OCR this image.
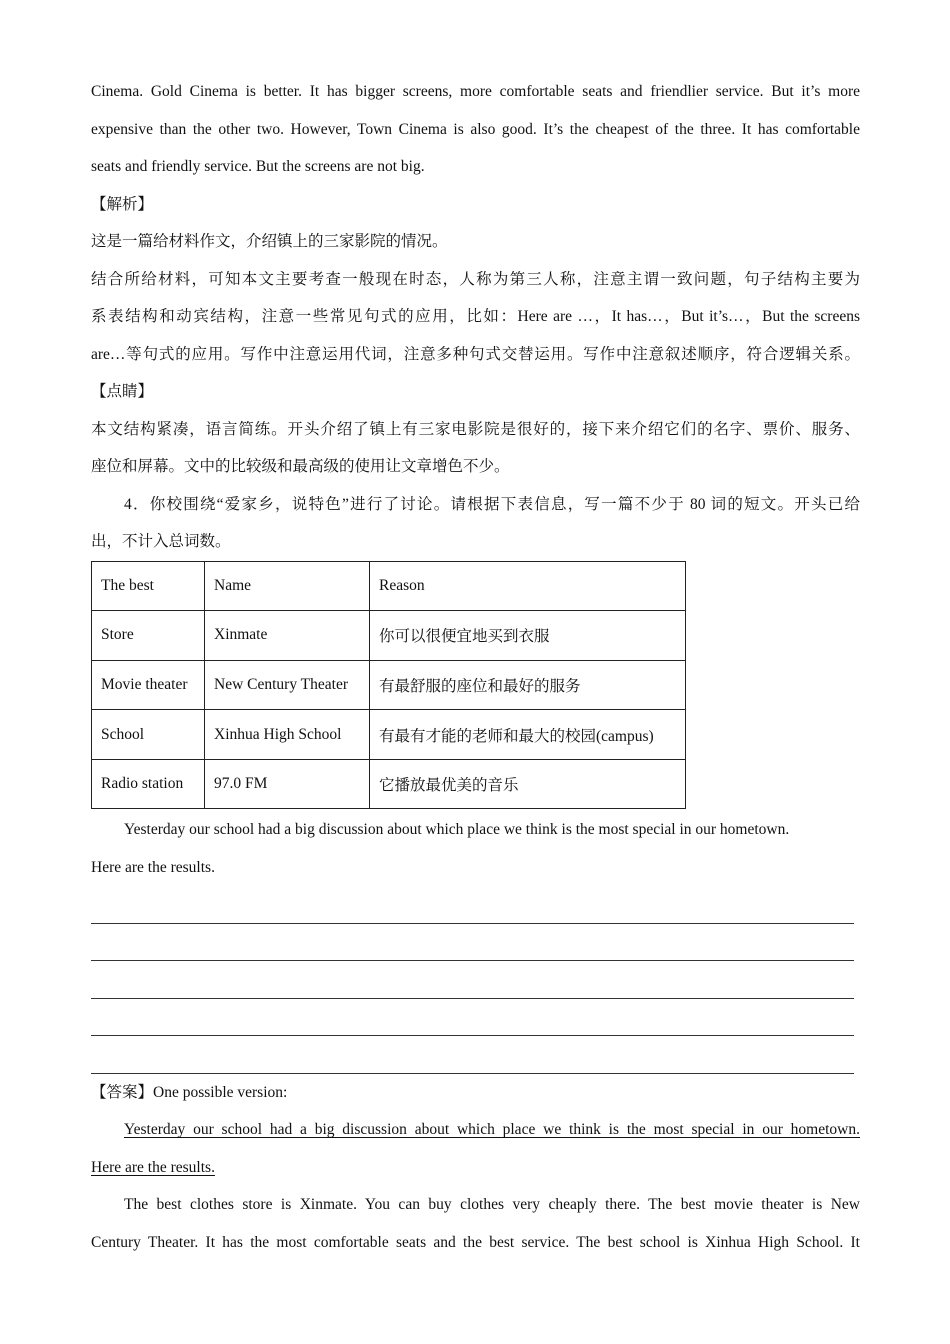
Cinema. Gold Cinema is better. It has bigger screens, more comfortable seats and friendlier service. But it’s more
expensive than the other two. However, Town Cinema is also good. It’s the cheapest of the three. It has comfortable
seats and friendly service. But the screens are not big.
【解析】
这是一篇给材料作文，介绍镇上的三家影院的情况。
结合所给材料，可知本文主要考查一般现在时态，人称为第三人称，注意主谓一致问题，句子结构主要为
系表结构和动宾结构，注意一些常见句式的应用，比如：Here are …，It has…，But it’s…，But the screens
are…等句式的应用。写作中注意运用代词，注意多种句式交替运用。写作中注意叙述顺序，符合逻辑关系。
【点睛】
本文结构紧凑，语言简练。开头介绍了镇上有三家电影院是很好的，接下来介绍它们的名字、票价、服务、
座位和屏幕。文中的比较级和最高级的使用让文章增色不少。
4．你校围绕“爱家乡，说特色”进行了讨论。请根据下表信息，写一篇不少于 80 词的短文。开头已给
出，不计入总词数。
The best	Name	Reason
Store	Xinmate	你可以很便宜地买到衣服
Movie theater	New Century Theater	有最舒服的座位和最好的服务
School	Xinhua High School	有最有才能的老师和最大的校园(campus)
Radio station	97.0 FM	它播放最优美的音乐
Yesterday our school had a big discussion about which place we think is the most special in our hometown.
Here are the results.
【答案】One possible version:
Yesterday our school had a big discussion about which place we think is the most special in our hometown.
Here are the results.
The best clothes store is Xinmate. You can buy clothes very cheaply there. The best movie theater is New
Century Theater. It has the most comfortable seats and the best service. The best school is Xinhua High School. It
